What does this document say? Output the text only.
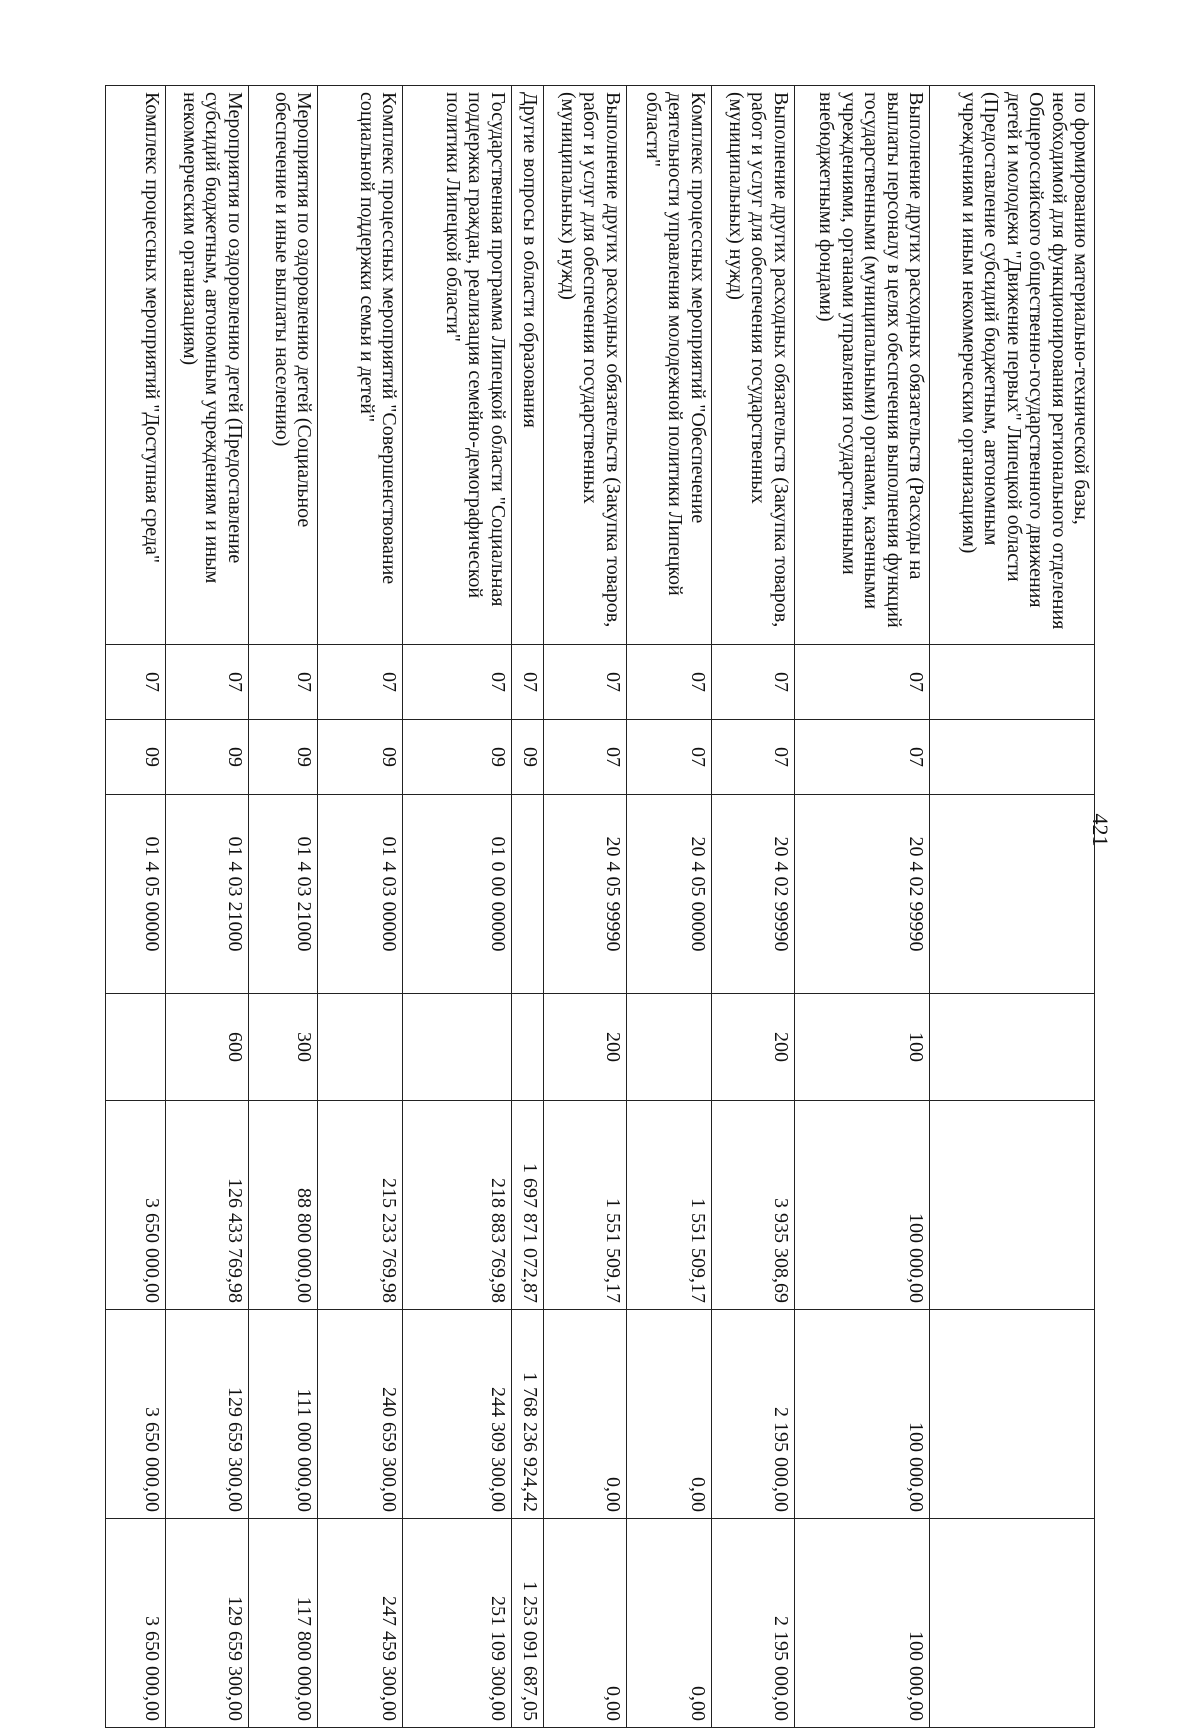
421
по формированию материально-технической базы, необходимой для функционирования регионального отделения Общероссийского общественно-государственного движения детей и молодежи "Движение первых" Липецкой области (Предоставление субсидий бюджетным, автономным учреждениям и иным некоммерческим организациям)							
Выполнение других расходных обязательств (Расходы на выплаты персоналу в целях обеспечения выполнения функций государственными (муниципальными) органами, казенными учреждениями, органами управления государственными внебюджетными фондами)	07	07	20 4 02 99990	100	100 000,00	100 000,00	100 000,00
Выполнение других расходных обязательств (Закупка товаров, работ и услуг для обеспечения государственных (муниципальных) нужд)	07	07	20 4 02 99990	200	3 935 308,69	2 195 000,00	2 195 000,00
Комплекс процессных мероприятий "Обеспечение деятельности управления молодежной политики Липецкой области"	07	07	20 4 05 00000		1 551 509,17	0,00	0,00
Выполнение других расходных обязательств (Закупка товаров, работ и услуг для обеспечения государственных (муниципальных) нужд)	07	07	20 4 05 99990	200	1 551 509,17	0,00	0,00
Другие вопросы в области образования	07	09			1 697 871 072,87	1 768 236 924,42	1 253 091 687,05
Государственная программа Липецкой области "Социальная поддержка граждан, реализация семейно-демографической политики Липецкой области"	07	09	01 0 00 00000		218 883 769,98	244 309 300,00	251 109 300,00
Комплекс процессных мероприятий "Совершенствование социальной поддержки семьи и детей"	07	09	01 4 03 00000		215 233 769,98	240 659 300,00	247 459 300,00
Мероприятия по оздоровлению детей (Социальное обеспечение и иные выплаты населению)	07	09	01 4 03 21000	300	88 800 000,00	111 000 000,00	117 800 000,00
Мероприятия по оздоровлению детей (Предоставление субсидий бюджетным, автономным учреждениям и иным некоммерческим организациям)	07	09	01 4 03 21000	600	126 433 769,98	129 659 300,00	129 659 300,00
Комплекс процессных мероприятий "Доступная среда"	07	09	01 4 05 00000		3 650 000,00	3 650 000,00	3 650 000,00
